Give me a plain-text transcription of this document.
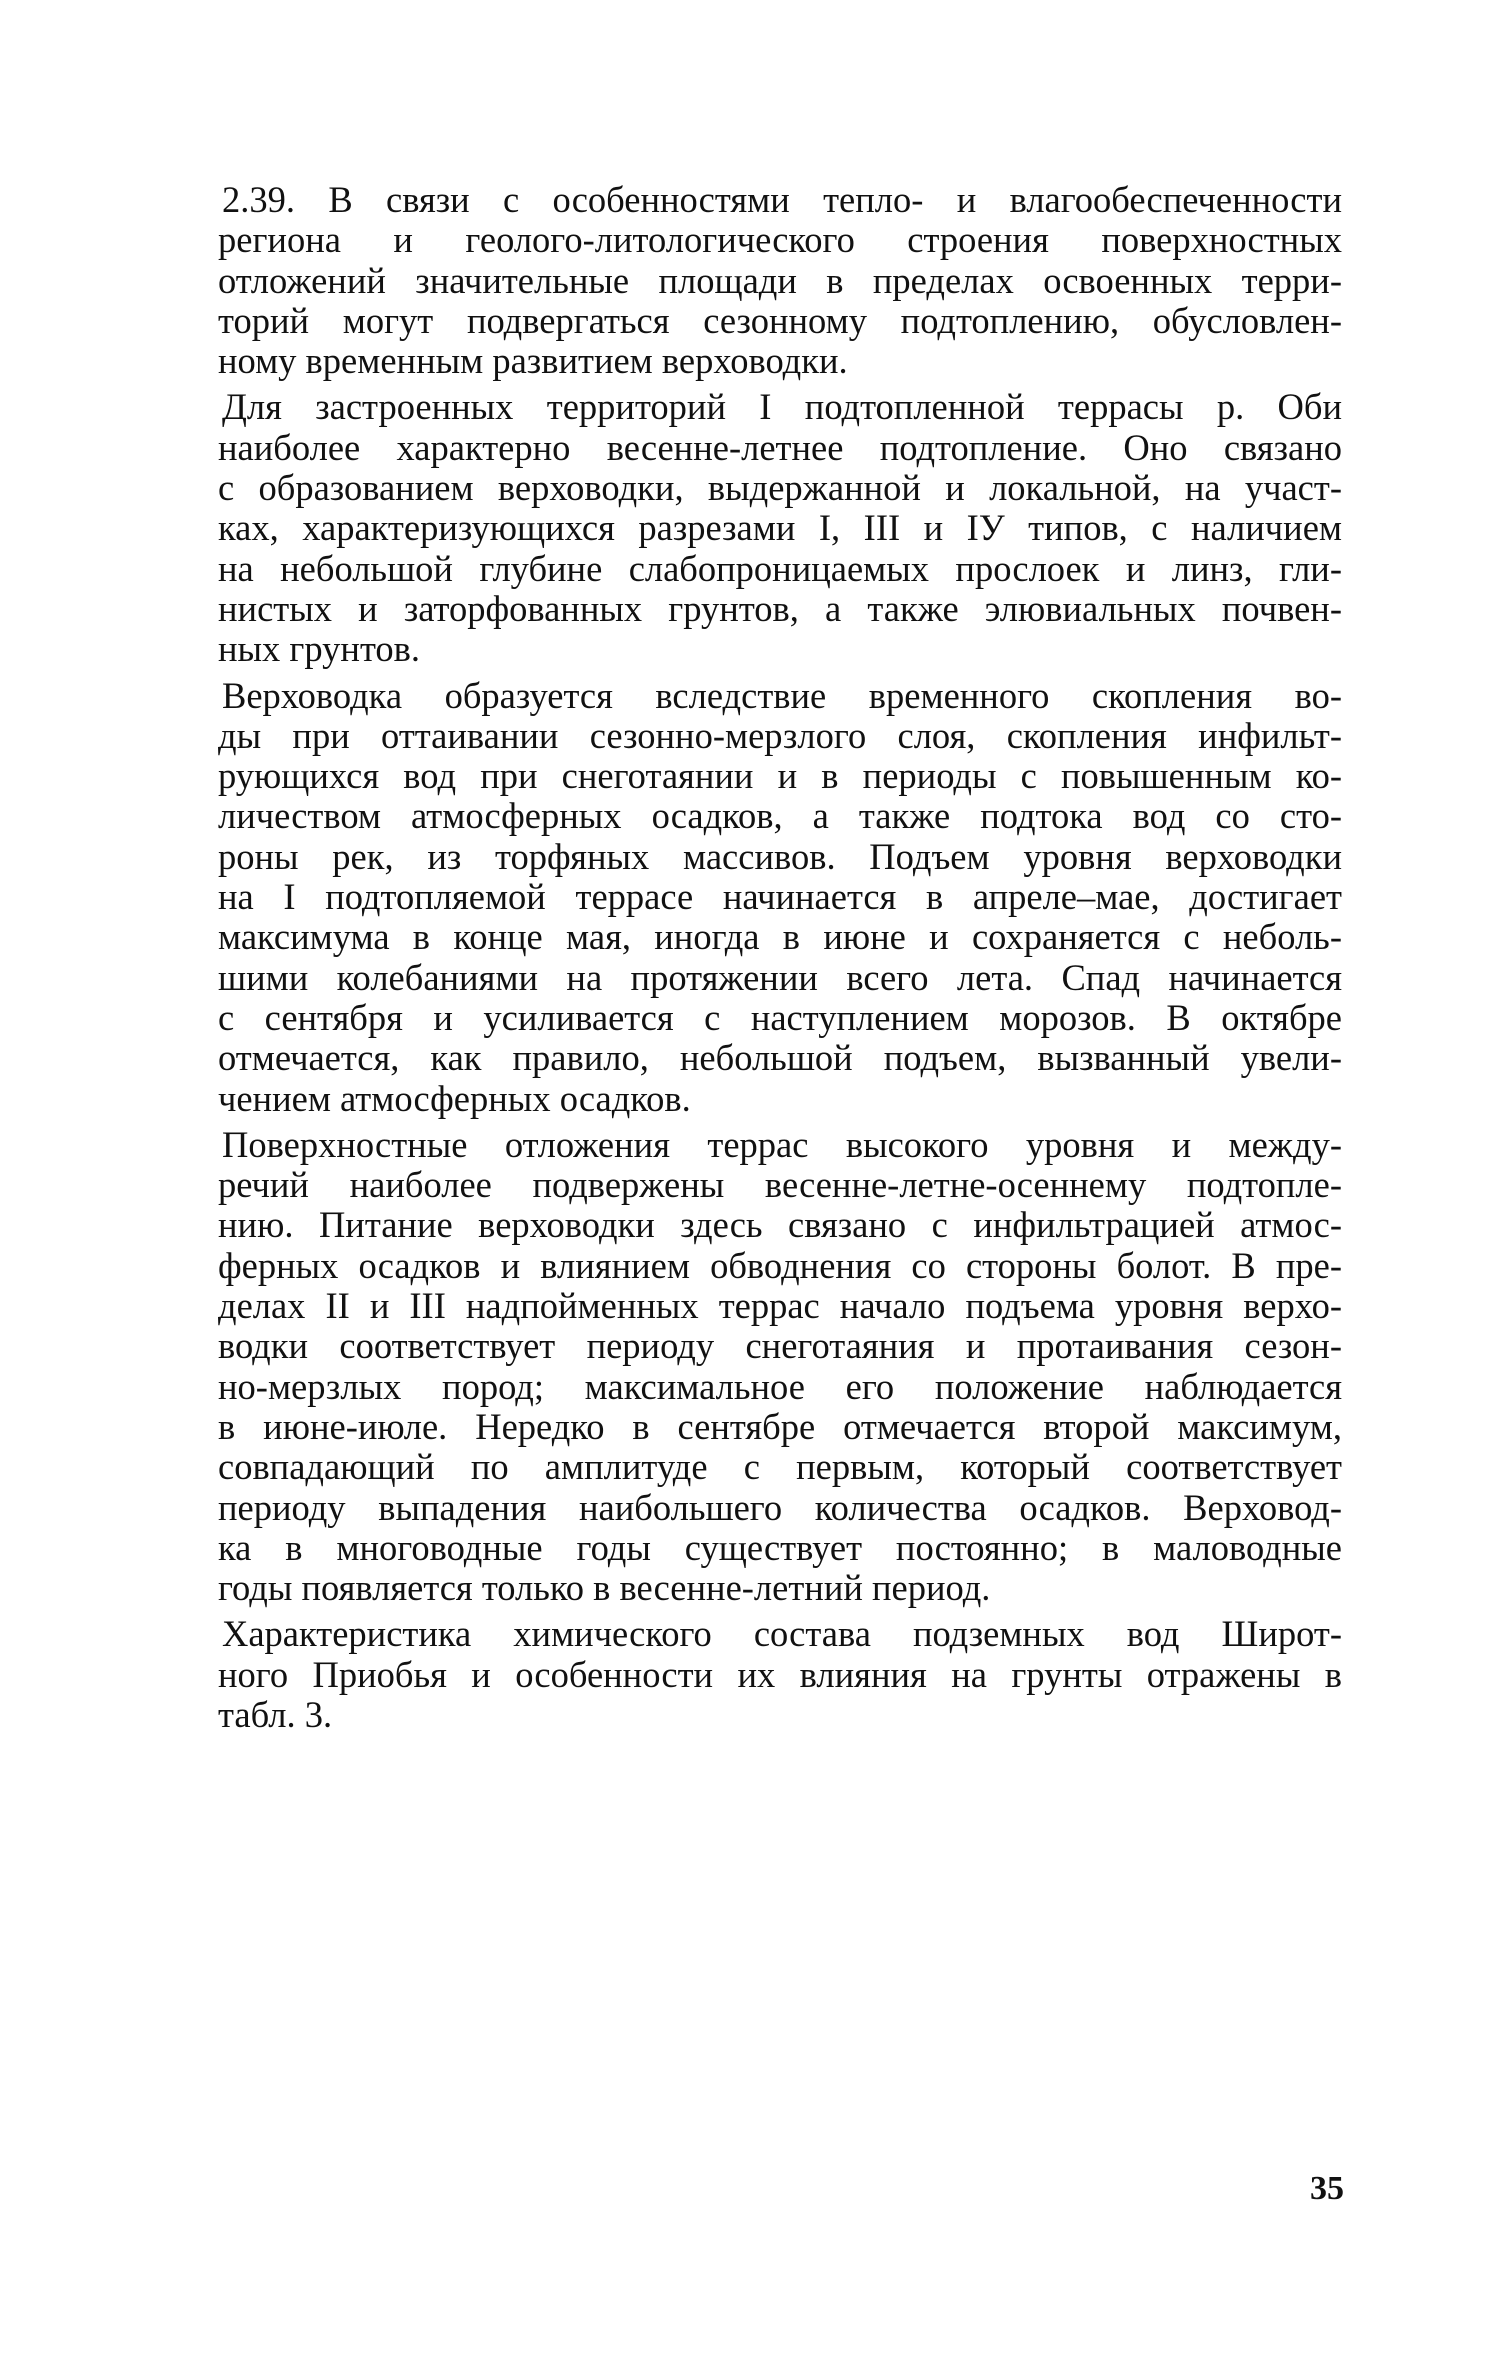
2.39. В связи с особенностями тепло- и влагообеспеченности
региона и геолого-литологического строения поверхностных
отложений значительные площади в пределах освоенных терри-
торий могут подвергаться сезонному подтоплению, обусловлен-
ному временным развитием верховодки.

Для застроенных территорий I подтопленной террасы р. Оби
наиболее характерно весенне-летнее подтопление. Оно связано
с образованием верховодки, выдержанной и локальной, на участ-
ках, характеризующихся разрезами I, III и IУ типов, с наличием
на небольшой глубине слабопроницаемых прослоек и линз, гли-
нистых и заторфованных грунтов, а также элювиальных почвен-
ных грунтов.

Верховодка образуется вследствие временного скопления во-
ды при оттаивании сезонно-мерзлого слоя, скопления инфильт-
рующихся вод при снеготаянии и в периоды с повышенным ко-
личеством атмосферных осадков, а также подтока вод со сто-
роны рек, из торфяных массивов. Подъем уровня верховодки
на I подтопляемой террасе начинается в апреле–мае, достигает
максимума в конце мая, иногда в июне и сохраняется с неболь-
шими колебаниями на протяжении всего лета. Спад начинается
с сентября и усиливается с наступлением морозов. В октябре
отмечается, как правило, небольшой подъем, вызванный увели-
чением атмосферных осадков.

Поверхностные отложения террас высокого уровня и между-
речий наиболее подвержены весенне-летне-осеннему подтопле-
нию. Питание верховодки здесь связано с инфильтрацией атмос-
ферных осадков и влиянием обводнения со стороны болот. В пре-
делах II и III надпойменных террас начало подъема уровня верхо-
водки соответствует периоду снеготаяния и протаивания сезон-
но-мерзлых пород; максимальное его положение наблюдается
в июне-июле. Нередко в сентябре отмечается второй максимум,
совпадающий по амплитуде с первым, который соответствует
периоду выпадения наибольшего количества осадков. Верховод-
ка в многоводные годы существует постоянно; в маловодные
годы появляется только в весенне-летний период.

Характеристика химического состава подземных вод Широт-
ного Приобья и особенности их влияния на грунты отражены в
табл. 3.

35
